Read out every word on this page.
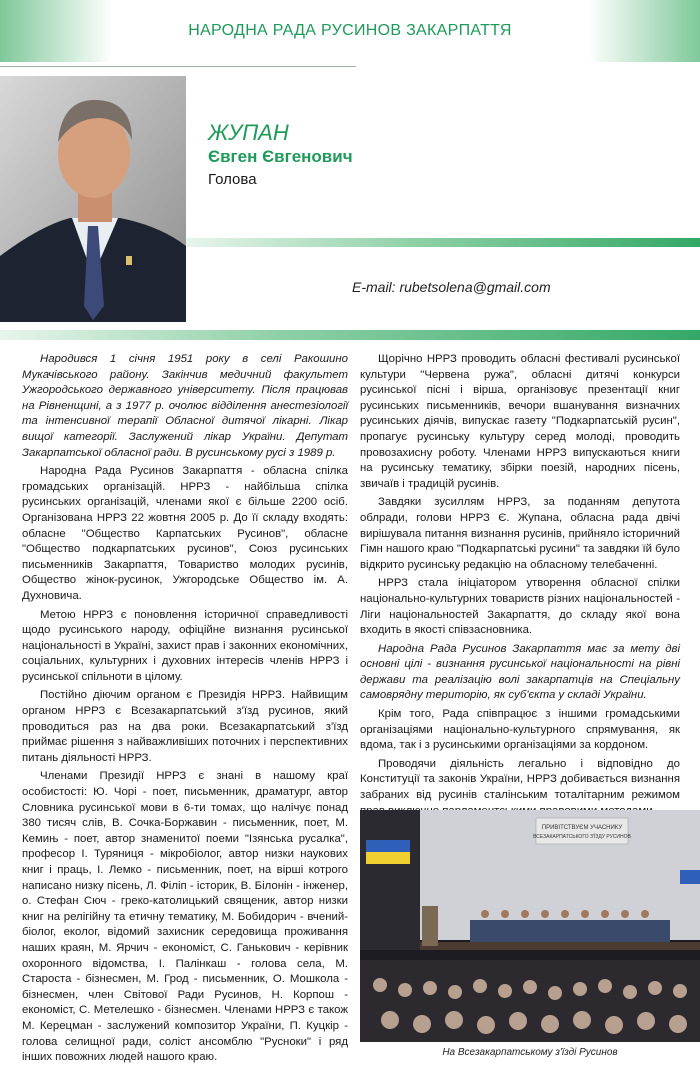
НАРОДНА РАДА РУСИНОВ ЗАКАРПАТТЯ
ЖУПАН
Євген Євгенович
Голова
E-mail: rubetsolena@gmail.com

Народився 1 січня 1951 року в селі Ракошино Мукачівського району. Закінчив медичний факультет Ужгородського державного університету. Після працював на Рівненщині, а з 1977 р. очолює відділення анестезіології та інтенсивної терапії Обласної дитячої лікарні. Лікар вищої категорії. Заслужений лікар України. Депутат Закарпатської обласної ради. В русинському русі з 1989 р.

Народна Рада Русинов Закарпаття - обласна спілка громадських організацій. НРРЗ - найбільша спілка русинських організацій, членами якої є більше 2200 осіб. Організована НРРЗ 22 жовтня 2005 р. До її складу входять: обласне "Общество Карпатських Русинов", обласне "Общество подкарпатських русинов", Союз русинських письменників Закарпаття, Товариство молодих русинів, Общество жінок-русинок, Ужгородське Общество ім. А. Духновича.

Метою НРРЗ є поновлення історичної справедливості щодо русинського народу, офіційне визнання русинської національності в Україні, захист прав і законних економічних, соціальних, культурних і духовних інтересів членів НРРЗ і русинської спільноти в цілому.

Постійно діючим органом є Президія НРРЗ. Найвищим органом НРРЗ є Всезакарпатський з'їзд русинов, який проводиться раз на два роки. Всезакарпатський з'їзд приймає рішення з найважливіших поточних і перспективних питань діяльності НРРЗ.

Членами Президії НРРЗ є знані в нашому краї особистості: Ю. Чорі - поет, письменник, драматург, автор Словника русинської мови в 6-ти томах, що налічує понад 380 тисяч слів, В. Сочка-Боржавин - письменник, поет, М. Кемињ - поет, автор знаменитої поеми "Ізянська русалка", професор І. Туряниця - мікробіолог, автор низки наукових книг і праць, І. Лемко - письменник, поет, на вірші котрого написано низку пісень, Л. Філіп - історик, В. Білонін - інженер, о. Стефан Сюч - греко-католицький священик, автор низки книг на релігійну та етичну тематику, М. Бобидорич - вчений-біолог, еколог, відомий захисник середовища проживання наших краян, М. Ярчич - економіст, С. Ганькович - керівник охоронного відомства, І. Палінкаш - голова села, М. Староста - бізнесмен, М. Грод - письменник, О. Мошкола - бізнесмен, член Світової Ради Русинов, Н. Корпош - економіст, С. Метелешко - бізнесмен. Членами НРРЗ є також М. Керецман - заслужений композитор України, П. Куцкір - голова селищної ради, соліст ансомблю "Русноки" і ряд інших повожних людей нашого краю.

Щорічно НРРЗ проводить обласні фестивалі русинської культури "Червена ружа", обласні дитячі конкурси русинської пісні і вірша, організовує презентації книг русинських письменників, вечори вшанування визначних русинських діячів, випускає газету "Подкарпатській русин", пропагує русинську культуру серед молоді, проводить провозахисну роботу. Членами НРРЗ випускаються книги на русинську тематику, збірки поезій, народних пісень, звичаїв і традицій русинів.

Завдяки зусиллям НРРЗ, за поданням депутота облради, голови НРРЗ Є. Жупана, обласна рада двічі вирішувала питання визнання русинів, прийняло історичний Гімн нашого краю "Подкарпатські русини" та завдяки їй було відкрито русинську редакцію на обласному телебаченні.

НРРЗ стала ініціатором утворення обласної спілки національно-культурних товариств різних національностей - Ліги національностей Закарпаття, до складу якої вона входить в якості співзасновника.

Народна Рада Русинов Закарпаття має за мету дві основні цілі - визнання русинської національності на рівні держави та реалізацію волі закарпатців на Спеціальну самоврядну територію, як суб'єкта у складі України.

Крім того, Рада співпрацює з іншими громадськими організаціями національно-культурного спрямування, як вдома, так і з русинськими організаціями за кордоном.

Проводячи діяльність легально і відповідно до Конституції та законів України, НРРЗ добивається визнання забраних від русинів сталінським тоталітарним режимом

ПРИВІТСТВУЄМ УЧАСНИКУ
ВСЕЗАКАРПАТСЬКОГО З'ЇЗДУ РУСИНОВ
На Всезакарпатському з'їзді Русинов
